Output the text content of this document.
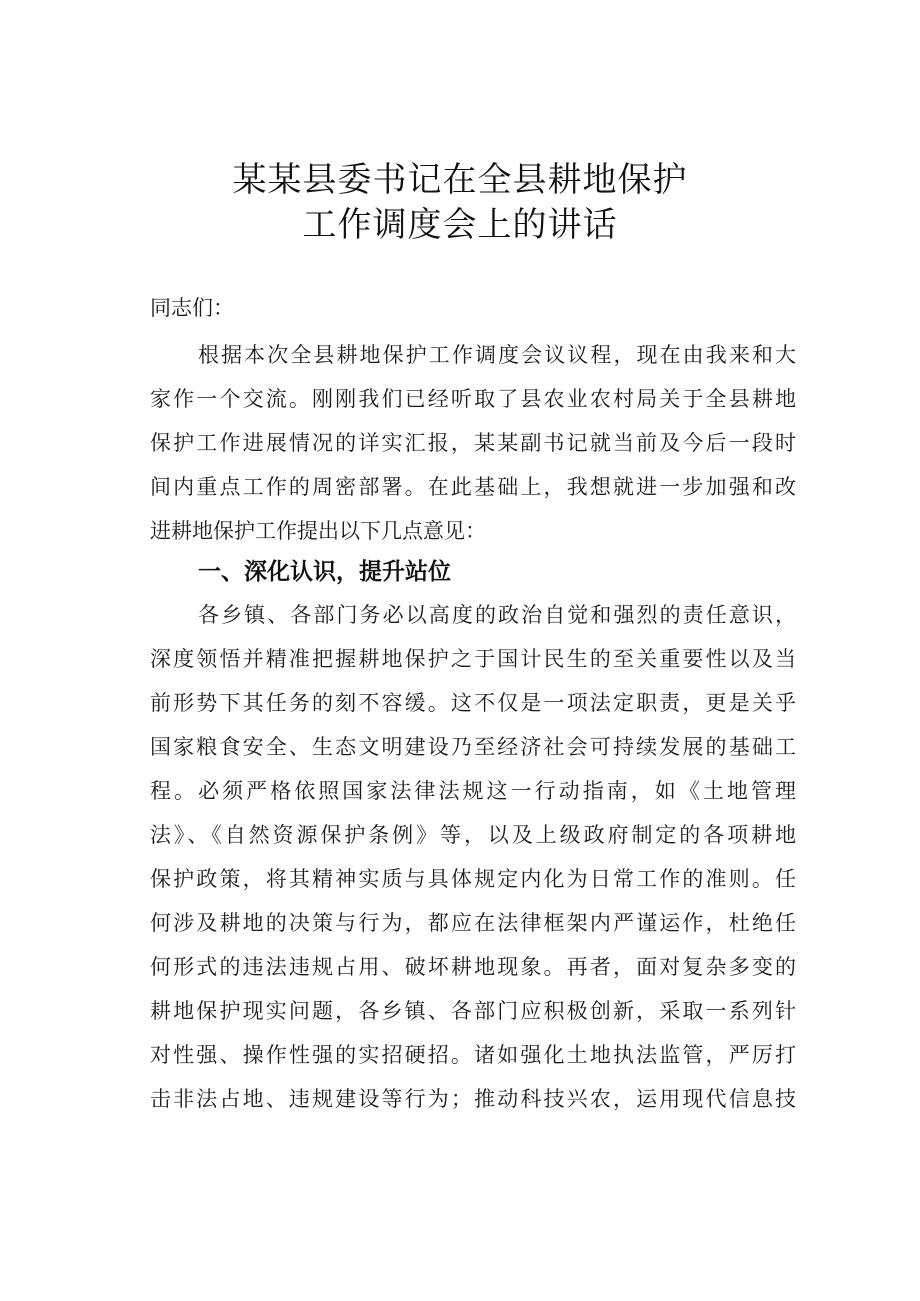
某某县委书记在全县耕地保护
工作调度会上的讲话
同志们：
根据本次全县耕地保护工作调度会议议程，现在由我来和大
家作一个交流。刚刚我们已经听取了县农业农村局关于全县耕地
保护工作进展情况的详实汇报，某某副书记就当前及今后一段时
间内重点工作的周密部署。在此基础上，我想就进一步加强和改
进耕地保护工作提出以下几点意见：
一、深化认识，提升站位
各乡镇、各部门务必以高度的政治自觉和强烈的责任意识，
深度领悟并精准把握耕地保护之于国计民生的至关重要性以及当
前形势下其任务的刻不容缓。这不仅是一项法定职责，更是关乎
国家粮食安全、生态文明建设乃至经济社会可持续发展的基础工
程。必须严格依照国家法律法规这一行动指南，如《土地管理
法》、《自然资源保护条例》等，以及上级政府制定的各项耕地
保护政策，将其精神实质与具体规定内化为日常工作的准则。任
何涉及耕地的决策与行为，都应在法律框架内严谨运作，杜绝任
何形式的违法违规占用、破坏耕地现象。再者，面对复杂多变的
耕地保护现实问题，各乡镇、各部门应积极创新，采取一系列针
对性强、操作性强的实招硬招。诸如强化土地执法监管，严厉打
击非法占地、违规建设等行为；推动科技兴农，运用现代信息技
